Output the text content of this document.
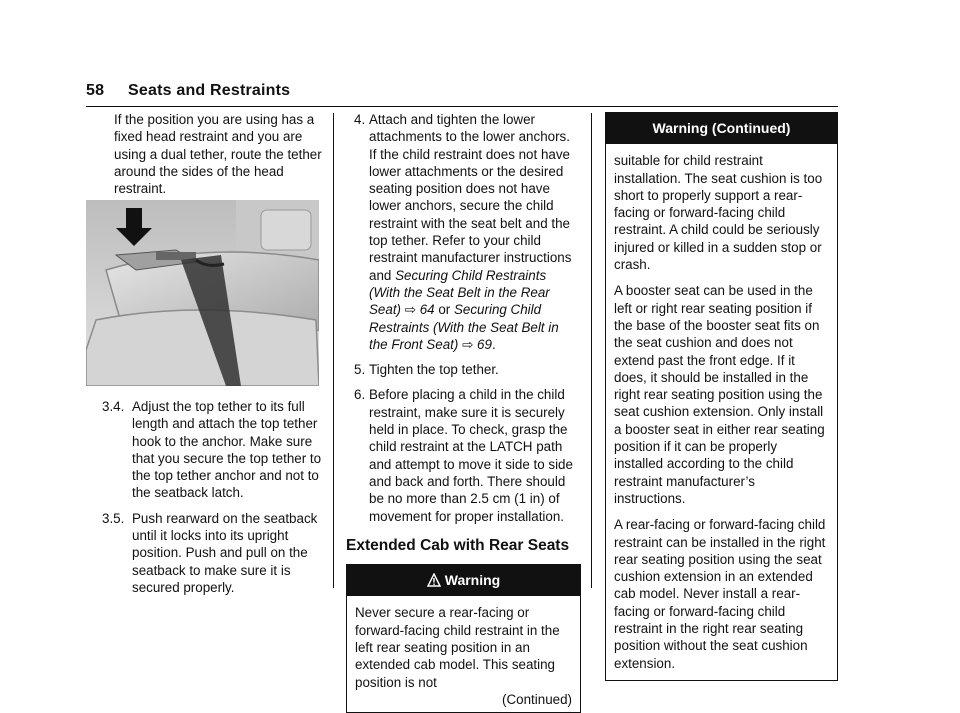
58 Seats and Restraints

If the position you are using has a fixed head restraint and you are using a dual tether, route the tether around the sides of the head restraint.

3.4. Adjust the top tether to its full length and attach the top tether hook to the anchor. Make sure that you secure the top tether to the top tether anchor and not to the seatback latch.

3.5. Push rearward on the seatback until it locks into its upright position. Push and pull on the seatback to make sure it is secured properly.

4. Attach and tighten the lower attachments to the lower anchors. If the child restraint does not have lower attachments or the desired seating position does not have lower anchors, secure the child restraint with the seat belt and the top tether. Refer to your child restraint manufacturer instructions and Securing Child Restraints (With the Seat Belt in the Rear Seat) ⇨ 64 or Securing Child Restraints (With the Seat Belt in the Front Seat) ⇨ 69.

5. Tighten the top tether.

6. Before placing a child in the child restraint, make sure it is securely held in place. To check, grasp the child restraint at the LATCH path and attempt to move it side to side and back and forth. There should be no more than 2.5 cm (1 in) of movement for proper installation.

Extended Cab with Rear Seats
Warning

Never secure a rear-facing or forward-facing child restraint in the left rear seating position in an extended cab model. This seating position is not

(Continued)
Warning (Continued)

suitable for child restraint installation. The seat cushion is too short to properly support a rear-facing or forward-facing child restraint. A child could be seriously injured or killed in a sudden stop or crash.

A booster seat can be used in the left or right rear seating position if the base of the booster seat fits on the seat cushion and does not extend past the front edge. If it does, it should be installed in the right rear seating position using the seat cushion extension. Only install a booster seat in either rear seating position if it can be properly installed according to the child restraint manufacturer’s instructions.

A rear-facing or forward-facing child restraint can be installed in the right rear seating position using the seat cushion extension in an extended cab model. Never install a rear-facing or forward-facing child restraint in the right rear seating position without the seat cushion extension.
